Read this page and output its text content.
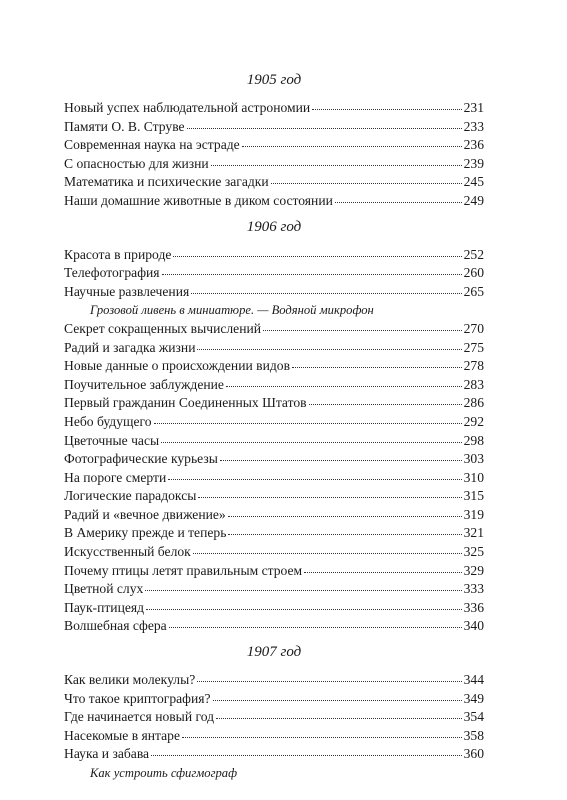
1905 год
Новый успех наблюдательной астрономии	231
Памяти О. В. Струве	233
Современная наука на эстраде	236
С опасностью для жизни	239
Математика и психические загадки	245
Наши домашние животные в диком состоянии	249
1906 год
Красота в природе	252
Телефотография	260
Научные развлечения	265
Грозовой ливень в миниатюре. — Водяной микрофон
Секрет сокращенных вычислений	270
Радий и загадка жизни	275
Новые данные о происхождении видов	278
Поучительное заблуждение	283
Первый гражданин Соединенных Штатов	286
Небо будущего	292
Цветочные часы	298
Фотографические курьезы	303
На пороге смерти	310
Логические парадоксы	315
Радий и «вечное движение»	319
В Америку прежде и теперь	321
Искусственный белок	325
Почему птицы летят правильным строем	329
Цветной слух	333
Паук-птицеяд	336
Волшебная сфера	340
1907 год
Как велики молекулы?	344
Что такое криптография?	349
Где начинается новый год	354
Насекомые в янтаре	358
Наука и забава	360
Как устроить сфигмограф
